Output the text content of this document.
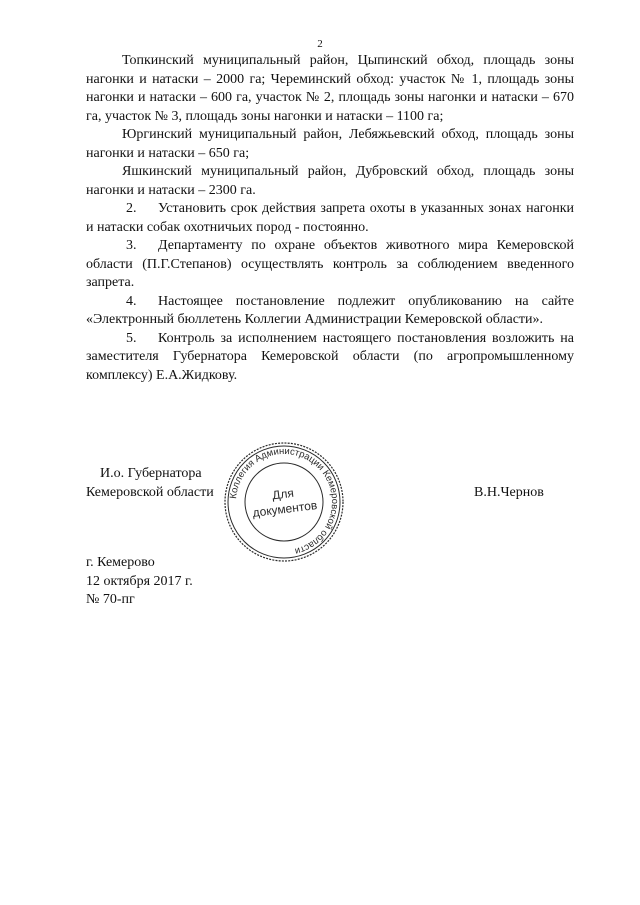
2

Топкинский муниципальный район, Цыпинский обход, площадь зоны нагонки и натаски – 2000 га; Череминский обход: участок № 1, площадь зоны нагонки и натаски – 600 га, участок № 2, площадь зоны нагонки и натаски – 670 га, участок № 3, площадь зоны нагонки и натаски – 1100 га;

Юргинский муниципальный район, Лебяжьевский обход, площадь зоны нагонки и натаски – 650 га;

Яшкинский муниципальный район, Дубровский обход, площадь зоны нагонки и натаски – 2300 га.

2. Установить срок действия запрета охоты в указанных зонах нагонки и натаски собак охотничьих пород - постоянно.

3. Департаменту по охране объектов животного мира Кемеровской области (П.Г.Степанов) осуществлять контроль за соблюдением введенного запрета.

4. Настоящее постановление подлежит опубликованию на сайте «Электронный бюллетень Коллегии Администрации Кемеровской области».

5. Контроль за исполнением настоящего постановления возложить на заместителя Губернатора Кемеровской области (по агропромышленному комплексу) Е.А.Жидкову.

И.о. Губернатора
Кемеровской области Коллегия Администрации Кемеровской области
Для
документов
В.Н.Чернов
г. Кемерово
12 октября 2017 г.
№ 70-пг
